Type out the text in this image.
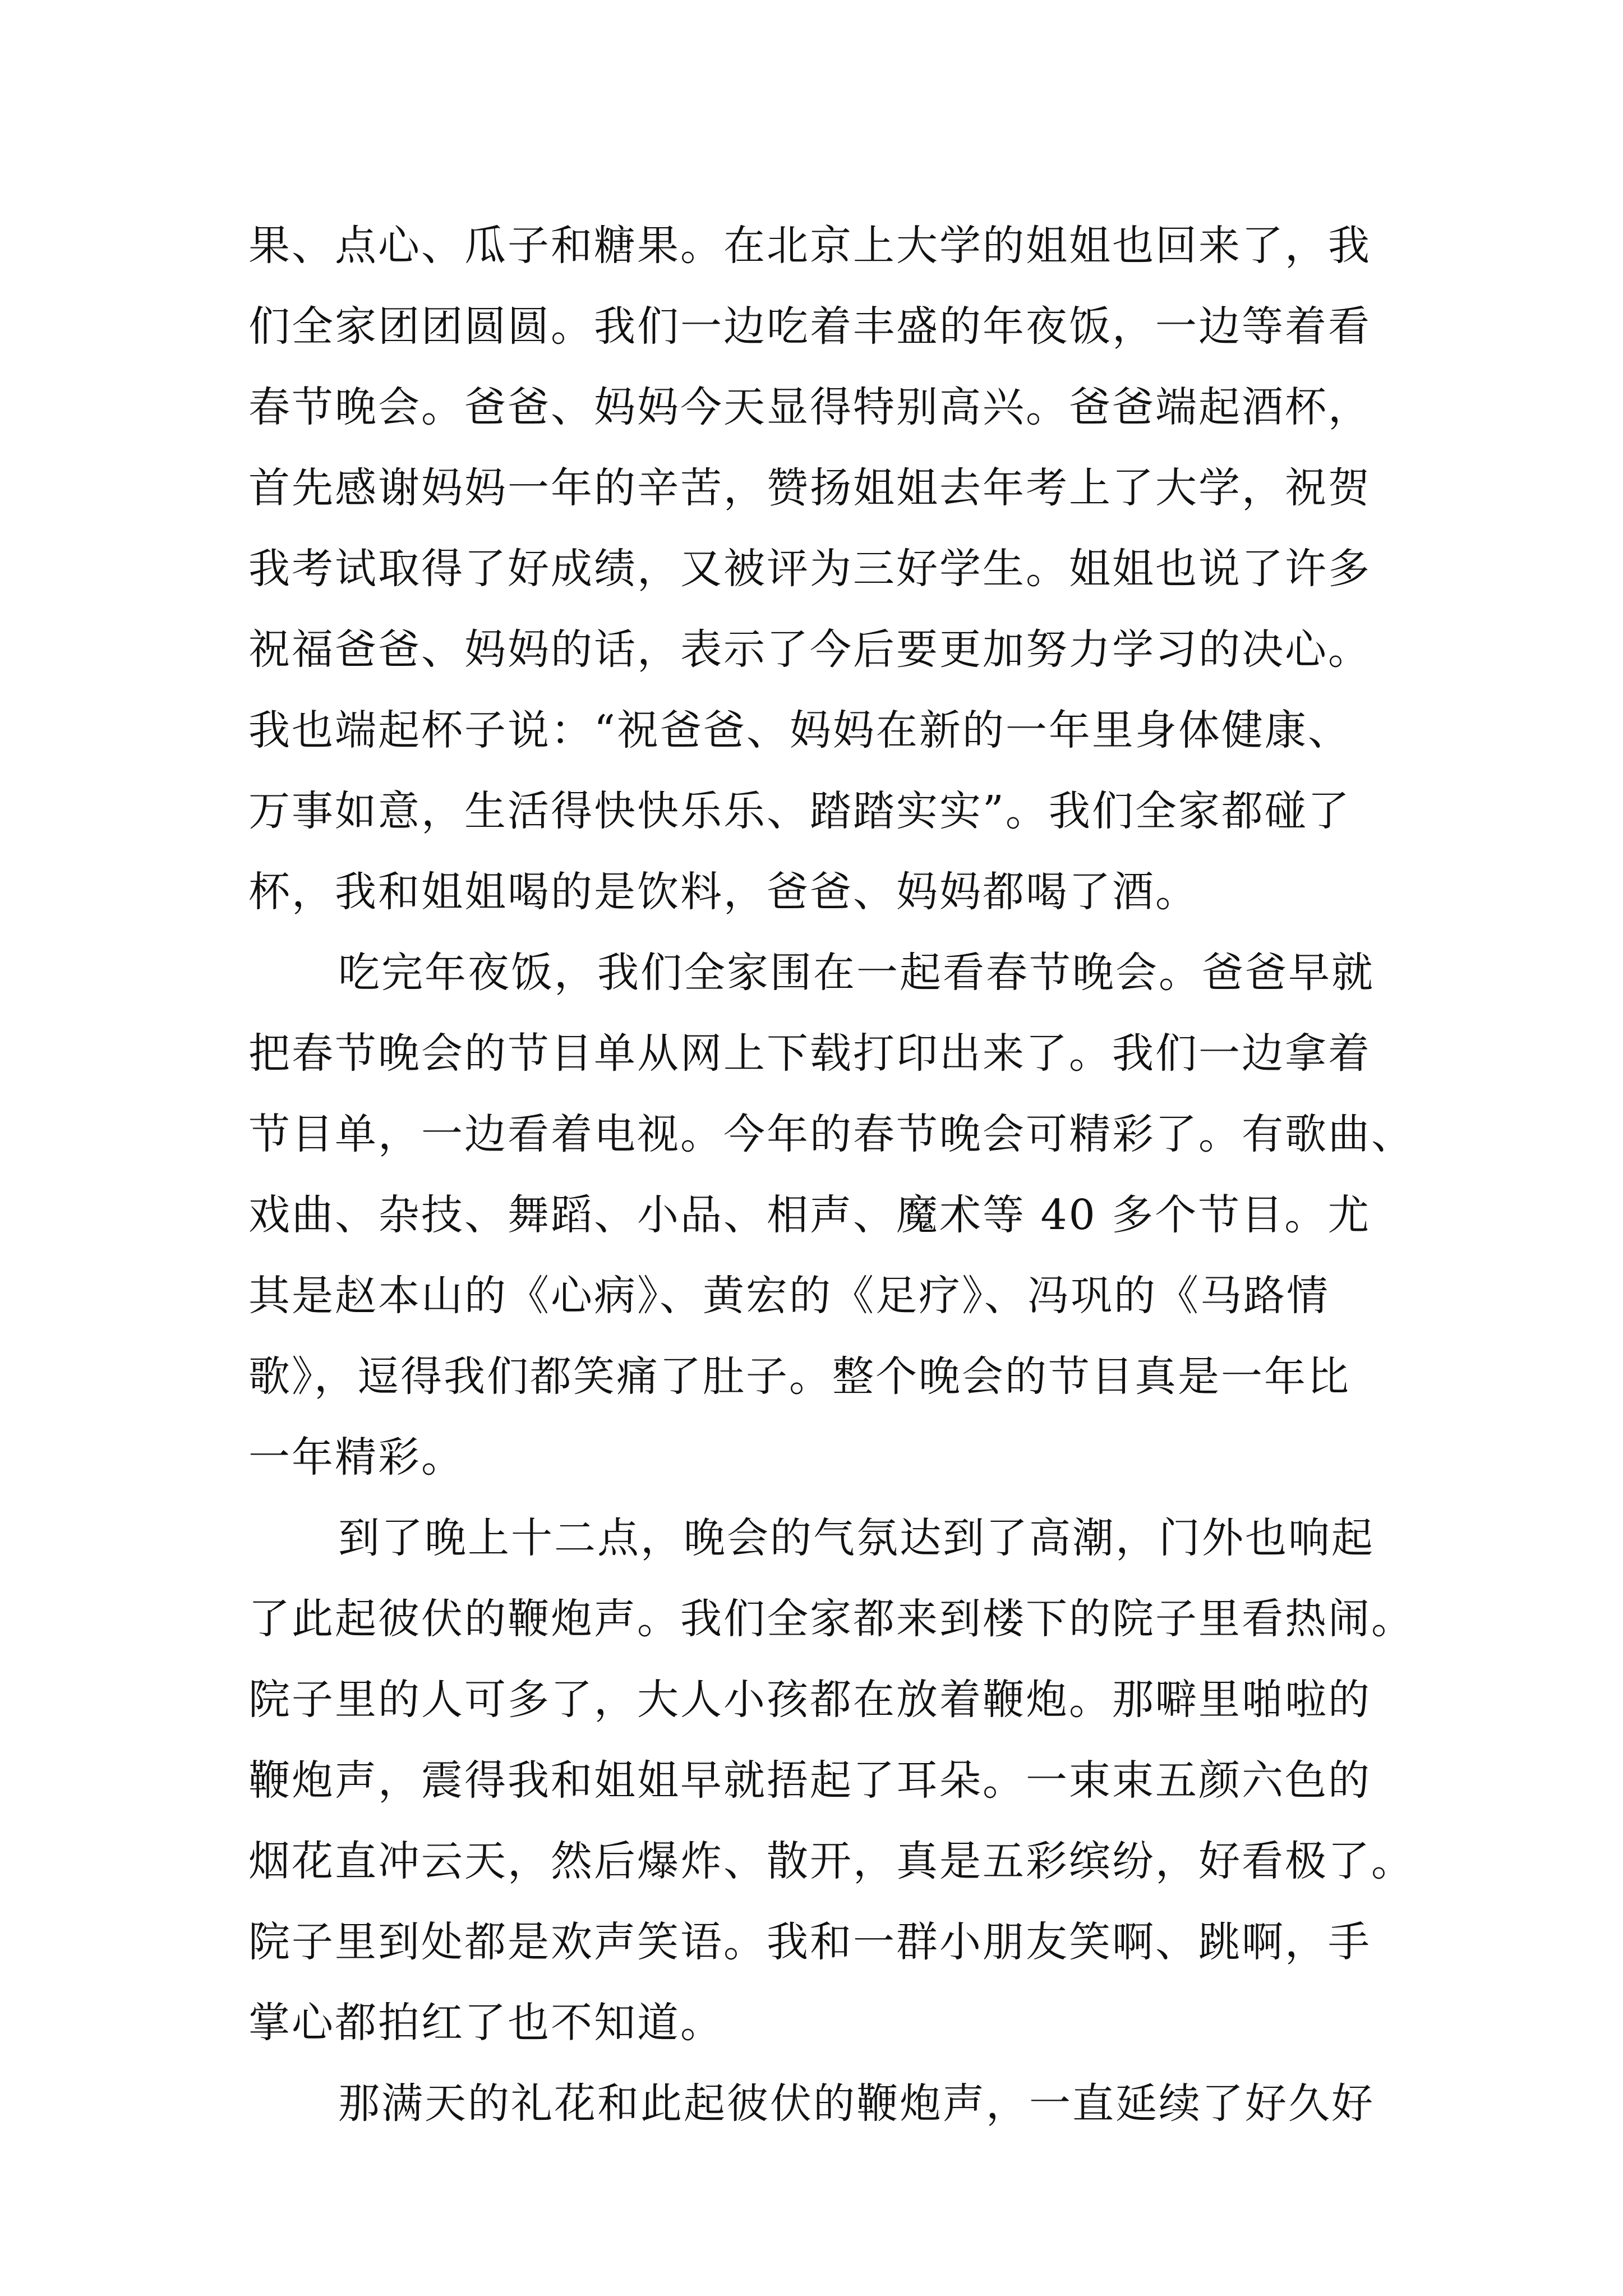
果、点心、瓜子和糖果。在北京上大学的姐姐也回来了，我
们全家团团圆圆。我们一边吃着丰盛的年夜饭，一边等着看
春节晚会。爸爸、妈妈今天显得特别高兴。爸爸端起酒杯，
首先感谢妈妈一年的辛苦，赞扬姐姐去年考上了大学，祝贺
我考试取得了好成绩，又被评为三好学生。姐姐也说了许多
祝福爸爸、妈妈的话，表示了今后要更加努力学习的决心。
我也端起杯子说：“祝爸爸、妈妈在新的一年里身体健康、
万事如意，生活得快快乐乐、踏踏实实”。我们全家都碰了
杯，我和姐姐喝的是饮料，爸爸、妈妈都喝了酒。
吃完年夜饭，我们全家围在一起看春节晚会。爸爸早就
把春节晚会的节目单从网上下载打印出来了。我们一边拿着
节目单，一边看着电视。今年的春节晚会可精彩了。有歌曲、
戏曲、杂技、舞蹈、小品、相声、魔术等 40 多个节目。尤
其是赵本山的《心病》、黄宏的《足疗》、冯巩的《马路情
歌》，逗得我们都笑痛了肚子。整个晚会的节目真是一年比
一年精彩。
到了晚上十二点，晚会的气氛达到了高潮，门外也响起
了此起彼伏的鞭炮声。我们全家都来到楼下的院子里看热闹。
院子里的人可多了，大人小孩都在放着鞭炮。那噼里啪啦的
鞭炮声，震得我和姐姐早就捂起了耳朵。一束束五颜六色的
烟花直冲云天，然后爆炸、散开，真是五彩缤纷，好看极了。
院子里到处都是欢声笑语。我和一群小朋友笑啊、跳啊，手
掌心都拍红了也不知道。
那满天的礼花和此起彼伏的鞭炮声，一直延续了好久好
